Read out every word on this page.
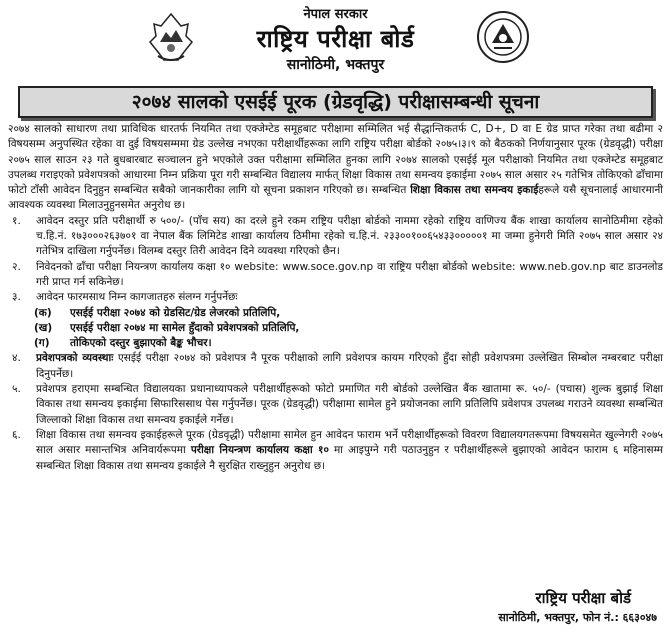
नेपाल सरकार
राष्ट्रिय परीक्षा बोर्ड
सानोठिमी, भक्तपुर
२०७४ सालको एसईई पूरक (ग्रेडवृद्धि) परीक्षासम्बन्धी सूचना

२०७४ सालको साधारण तथा प्राविधिक धारतर्फ नियमित तथा एक्जेम्टेड समूहबाट परीक्षामा सम्मिलित भई सैद्धान्तिकतर्फ C, D+, D वा E ग्रेड प्राप्त गरेका तथा बढीमा २ विषयसम्म अनुपस्थित रहेका वा दुई विषयसम्ममा ग्रेड उल्लेख नभएका परीक्षार्थीहरूका लागि राष्ट्रिय परीक्षा बोर्डको २०७५।३।९ को बैठकको निर्णयानुसार पूरक (ग्रेडवृद्धी) परीक्षा २०७५ साल साउन २३ गते बुधबारबाट सञ्चालन हुने भएकोले उक्त परीक्षामा सम्मिलित हुनका लागि २०७४ सालको एसईई मूल परीक्षाको नियमित तथा एक्जेम्टेड समूहबाट उपलब्ध गराइएको प्रवेशपत्रको आधारमा निम्न प्रक्रिया पूरा गरी सम्बन्धित विद्यालय मार्फत् शिक्षा विकास तथा समन्वय इकाईमा २०७५ साल असार २५ गतेभित्र तोकिएको ढाँचामा फोटो टाँसी आवेदन दिनुहुन सम्बन्धित सबैको जानकारीका लागि यो सूचना प्रकाशन गरिएको छ। सम्बन्धित शिक्षा विकास तथा समन्वय इकाईहरूले यसै सूचनालाई आधारमानी आवश्यक व्यवस्था मिलाउनुहुनसमेत अनुरोध छ।

१. आवेदन दस्तुर प्रति परीक्षार्थी रु ५००/- (पाँच सय) का दरले हुने रकम राष्ट्रिय परीक्षा बोर्डको नाममा रहेको राष्ट्रिय वाणिज्य बैंक शाखा कार्यालय सानोठिमीमा रहेको च.हि.नं. १७३०००२६३७०१ वा नेपाल बैंक लिमिटेड शाखा कार्यालय ठिमीमा रहेको च.हि.नं. २३३००१००६५४३३०००००१ मा जम्मा हुनेगरी मिति २०७५ साल असार २४ गतेभित्र दाखिला गर्नुपर्नेछ। विलम्ब दस्तुर तिरी आवेदन दिने व्यवस्था गरिएको छैन।
२. निवेदनको ढाँचा परीक्षा नियन्त्रण कार्यालय कक्षा १० website: www.soce.gov.np वा राष्ट्रिय परीक्षा बोर्डको website: www.neb.gov.np बाट डाउनलोड गरी प्राप्त गर्न सकिनेछ।
३. आवेदन फारमसाथ निम्न कागजातहरु संलग्न गर्नुपर्नेछः
(क) एसईई परीक्षा २०७४ को ग्रेडसिट/ग्रेड लेजरको प्रतिलिपि,
(ख) एसईई परीक्षा २०७४ मा सामेल हुँदाको प्रवेशपत्रको प्रतिलिपि,
(ग) तोकिएको दस्तुर बुझाएको बैङ्क भौचर।
४. प्रवेशपत्रको व्यवस्थाः एसईई परीक्षा २०७४ को प्रवेशपत्र नै पूरक परीक्षाको लागि प्रवेशपत्र कायम गरिएको हुँदा सोही प्रवेशपत्रमा उल्लेखित सिम्बोल नम्बरबाट परीक्षा दिनुपर्नेछ।
५. प्रवेशपत्र हराएमा सम्बन्धित विद्यालयका प्रधानाध्यापकले परीक्षार्थीहरूको फोटो प्रमाणित गरी बोर्डको उल्लेखित बैंक खातामा रू. ५०/- (पचास) शुल्क बुझाई शिक्षा विकास तथा समन्वय इकाईमा सिफारिससाथ पेस गर्नुपर्नेछ। पूरक (ग्रेडवृद्धी) परीक्षामा सामेल हुने प्रयोजनका लागि प्रतिलिपि प्रवेशपत्र उपलब्ध गराउने व्यवस्था सम्बन्धित जिल्लाको शिक्षा विकास तथा समन्वय इकाईले गर्नेछ।
६. शिक्षा विकास तथा समन्वय इकाईहरूले पूरक (ग्रेडवृद्धी) परीक्षामा सामेल हुन आवेदन फाराम भर्ने परीक्षार्थीहरूको विवरण विद्यालयगतरूपमा विषयसमेत खुल्नेगरी २०७५ साल असार मसान्तभित्र अनिवार्यरूपमा परीक्षा नियन्त्रण कार्यालय कक्षा १० मा आइपुग्ने गरी पठाउनुहुन र परीक्षार्थीहरूले बुझाएको आवेदन फाराम ६ महिनासम्म सम्बन्धित शिक्षा विकास तथा समन्वय इकाईले नै सुरक्षित राख्नुहुन अनुरोध छ।
राष्ट्रिय परीक्षा बोर्ड
सानोठिमी, भक्तपुर, फोन नं.: ६६३०४७
